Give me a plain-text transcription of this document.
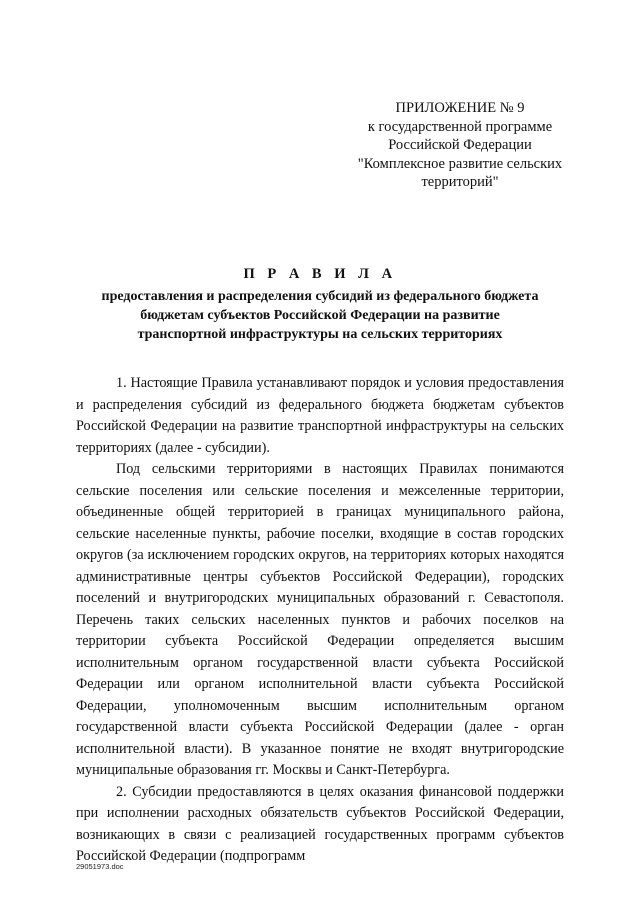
ПРИЛОЖЕНИЕ № 9
к государственной программе
Российской Федерации
"Комплексное развитие сельских
территорий"
П Р А В И Л А
предоставления и распределения субсидий из федерального бюджета
бюджетам субъектов Российской Федерации на развитие
транспортной инфраструктуры на сельских территориях

1. Настоящие Правила устанавливают порядок и условия предоставления и распределения субсидий из федерального бюджета бюджетам субъектов Российской Федерации на развитие транспортной инфраструктуры на сельских территориях (далее - субсидии).

Под сельскими территориями в настоящих Правилах понимаются сельские поселения или сельские поселения и межселенные территории, объединенные общей территорией в границах муниципального района, сельские населенные пункты, рабочие поселки, входящие в состав городских округов (за исключением городских округов, на территориях которых находятся административные центры субъектов Российской Федерации), городских поселений и внутригородских муниципальных образований г. Севастополя. Перечень таких сельских населенных пунктов и рабочих поселков на территории субъекта Российской Федерации определяется высшим исполнительным органом государственной власти субъекта Российской Федерации или органом исполнительной власти субъекта Российской Федерации, уполномоченным высшим исполнительным органом государственной власти субъекта Российской Федерации (далее - орган исполнительной власти). В указанное понятие не входят внутригородские муниципальные образования гг. Москвы и Санкт-Петербурга.

2. Субсидии предоставляются в целях оказания финансовой поддержки при исполнении расходных обязательств субъектов Российской Федерации, возникающих в связи с реализацией государственных программ субъектов Российской Федерации (подпрограмм

29051973.doc
